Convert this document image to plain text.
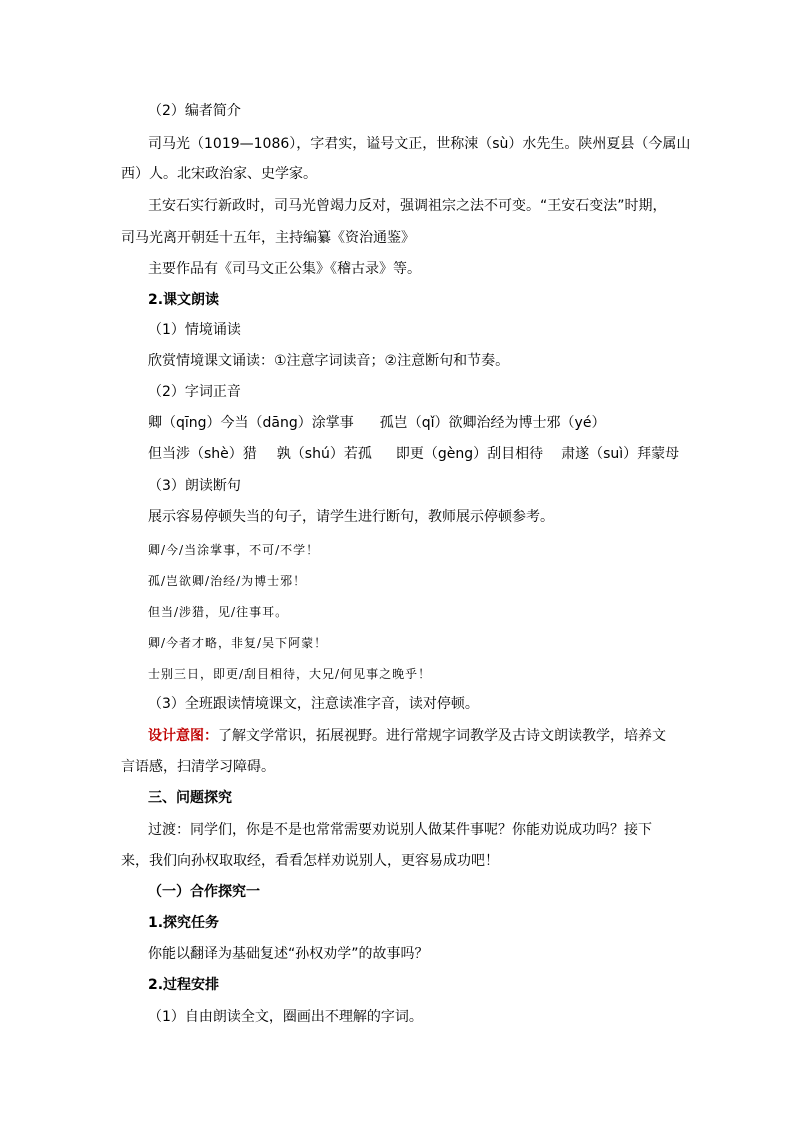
（2）编者简介
司马光（1019—1086），字君实，谥号文正，世称涑（sù）水先生。陕州夏县（今属山
西）人。北宋政治家、史学家。
王安石实行新政时，司马光曾竭力反对，强调祖宗之法不可变。“王安石变法”时期，
司马光离开朝廷十五年，主持编纂《资治通鉴》
主要作品有《司马文正公集》《稽古录》等。
2.课文朗读
（1）情境诵读
欣赏情境课文诵读：①注意字词读音；②注意断句和节奏。
（2）字词正音
卿（qīng）今当（dāng）涂掌事 孤岂（qǐ）欲卿治经为博士邪（yé）
但当涉（shè）猎 孰（shú）若孤 即更（gèng）刮目相待 肃遂（suì）拜蒙母
（3）朗读断句
展示容易停顿失当的句子，请学生进行断句，教师展示停顿参考。
卿/今/当涂掌事，不可/不学！
孤/岂欲卿/治经/为博士邪！
但当/涉猎，见/往事耳。
卿/今者才略，非复/吴下阿蒙！
士别三日，即更/刮目相待，大兄/何见事之晚乎！
（3）全班跟读情境课文，注意读准字音，读对停顿。
设计意图：了解文学常识，拓展视野。进行常规字词教学及古诗文朗读教学，培养文
言语感，扫清学习障碍。
三、问题探究
过渡：同学们，你是不是也常常需要劝说别人做某件事呢？你能劝说成功吗？接下
来，我们向孙权取取经，看看怎样劝说别人，更容易成功吧！
（一）合作探究一
1.探究任务
你能以翻译为基础复述“孙权劝学”的故事吗？
2.过程安排
（1）自由朗读全文，圈画出不理解的字词。
